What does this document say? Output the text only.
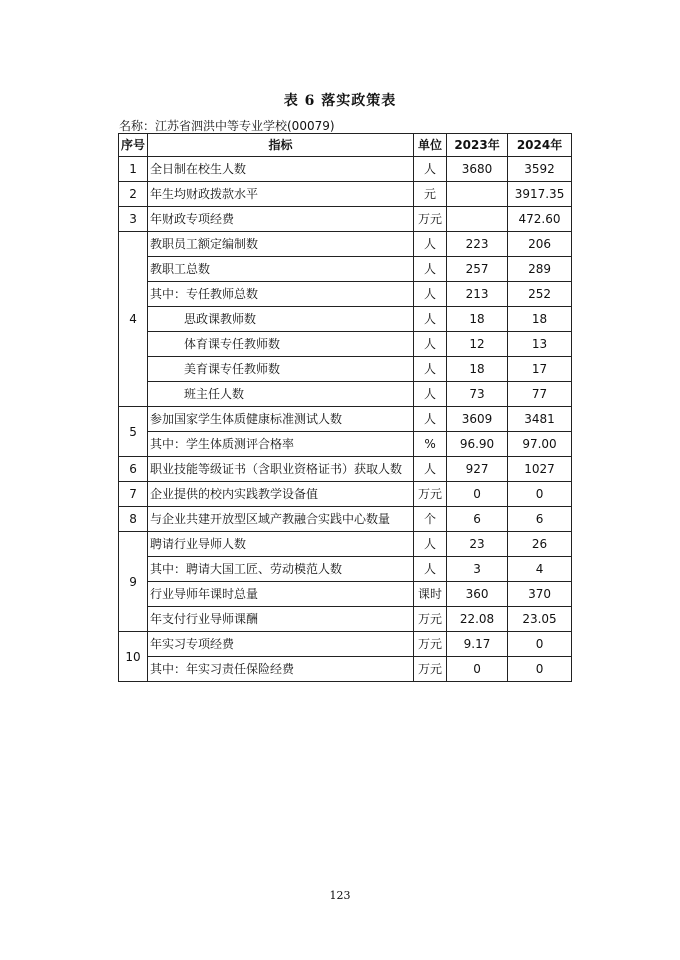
表 6 落实政策表
名称：江苏省泗洪中等专业学校(00079)
序号	指标	单位	2023年	2024年
1	全日制在校生人数	人	3680	3592
2	年生均财政拨款水平	元		3917.35
3	年财政专项经费	万元		472.60
4	教职员工额定编制数	人	223	206
	教职工总数	人	257	289
	其中：专任教师总数	人	213	252
	思政课教师数	人	18	18
	体育课专任教师数	人	12	13
	美育课专任教师数	人	18	17
	班主任人数	人	73	77
5	参加国家学生体质健康标准测试人数	人	3609	3481
	其中：学生体质测评合格率	%	96.90	97.00
6	职业技能等级证书（含职业资格证书）获取人数	人	927	1027
7	企业提供的校内实践教学设备值	万元	0	0
8	与企业共建开放型区域产教融合实践中心数量	个	6	6
9	聘请行业导师人数	人	23	26
	其中：聘请大国工匠、劳动模范人数	人	3	4
	行业导师年课时总量	课时	360	370
	年支付行业导师课酬	万元	22.08	23.05
10	年实习专项经费	万元	9.17	0
	其中：年实习责任保险经费	万元	0	0
123
